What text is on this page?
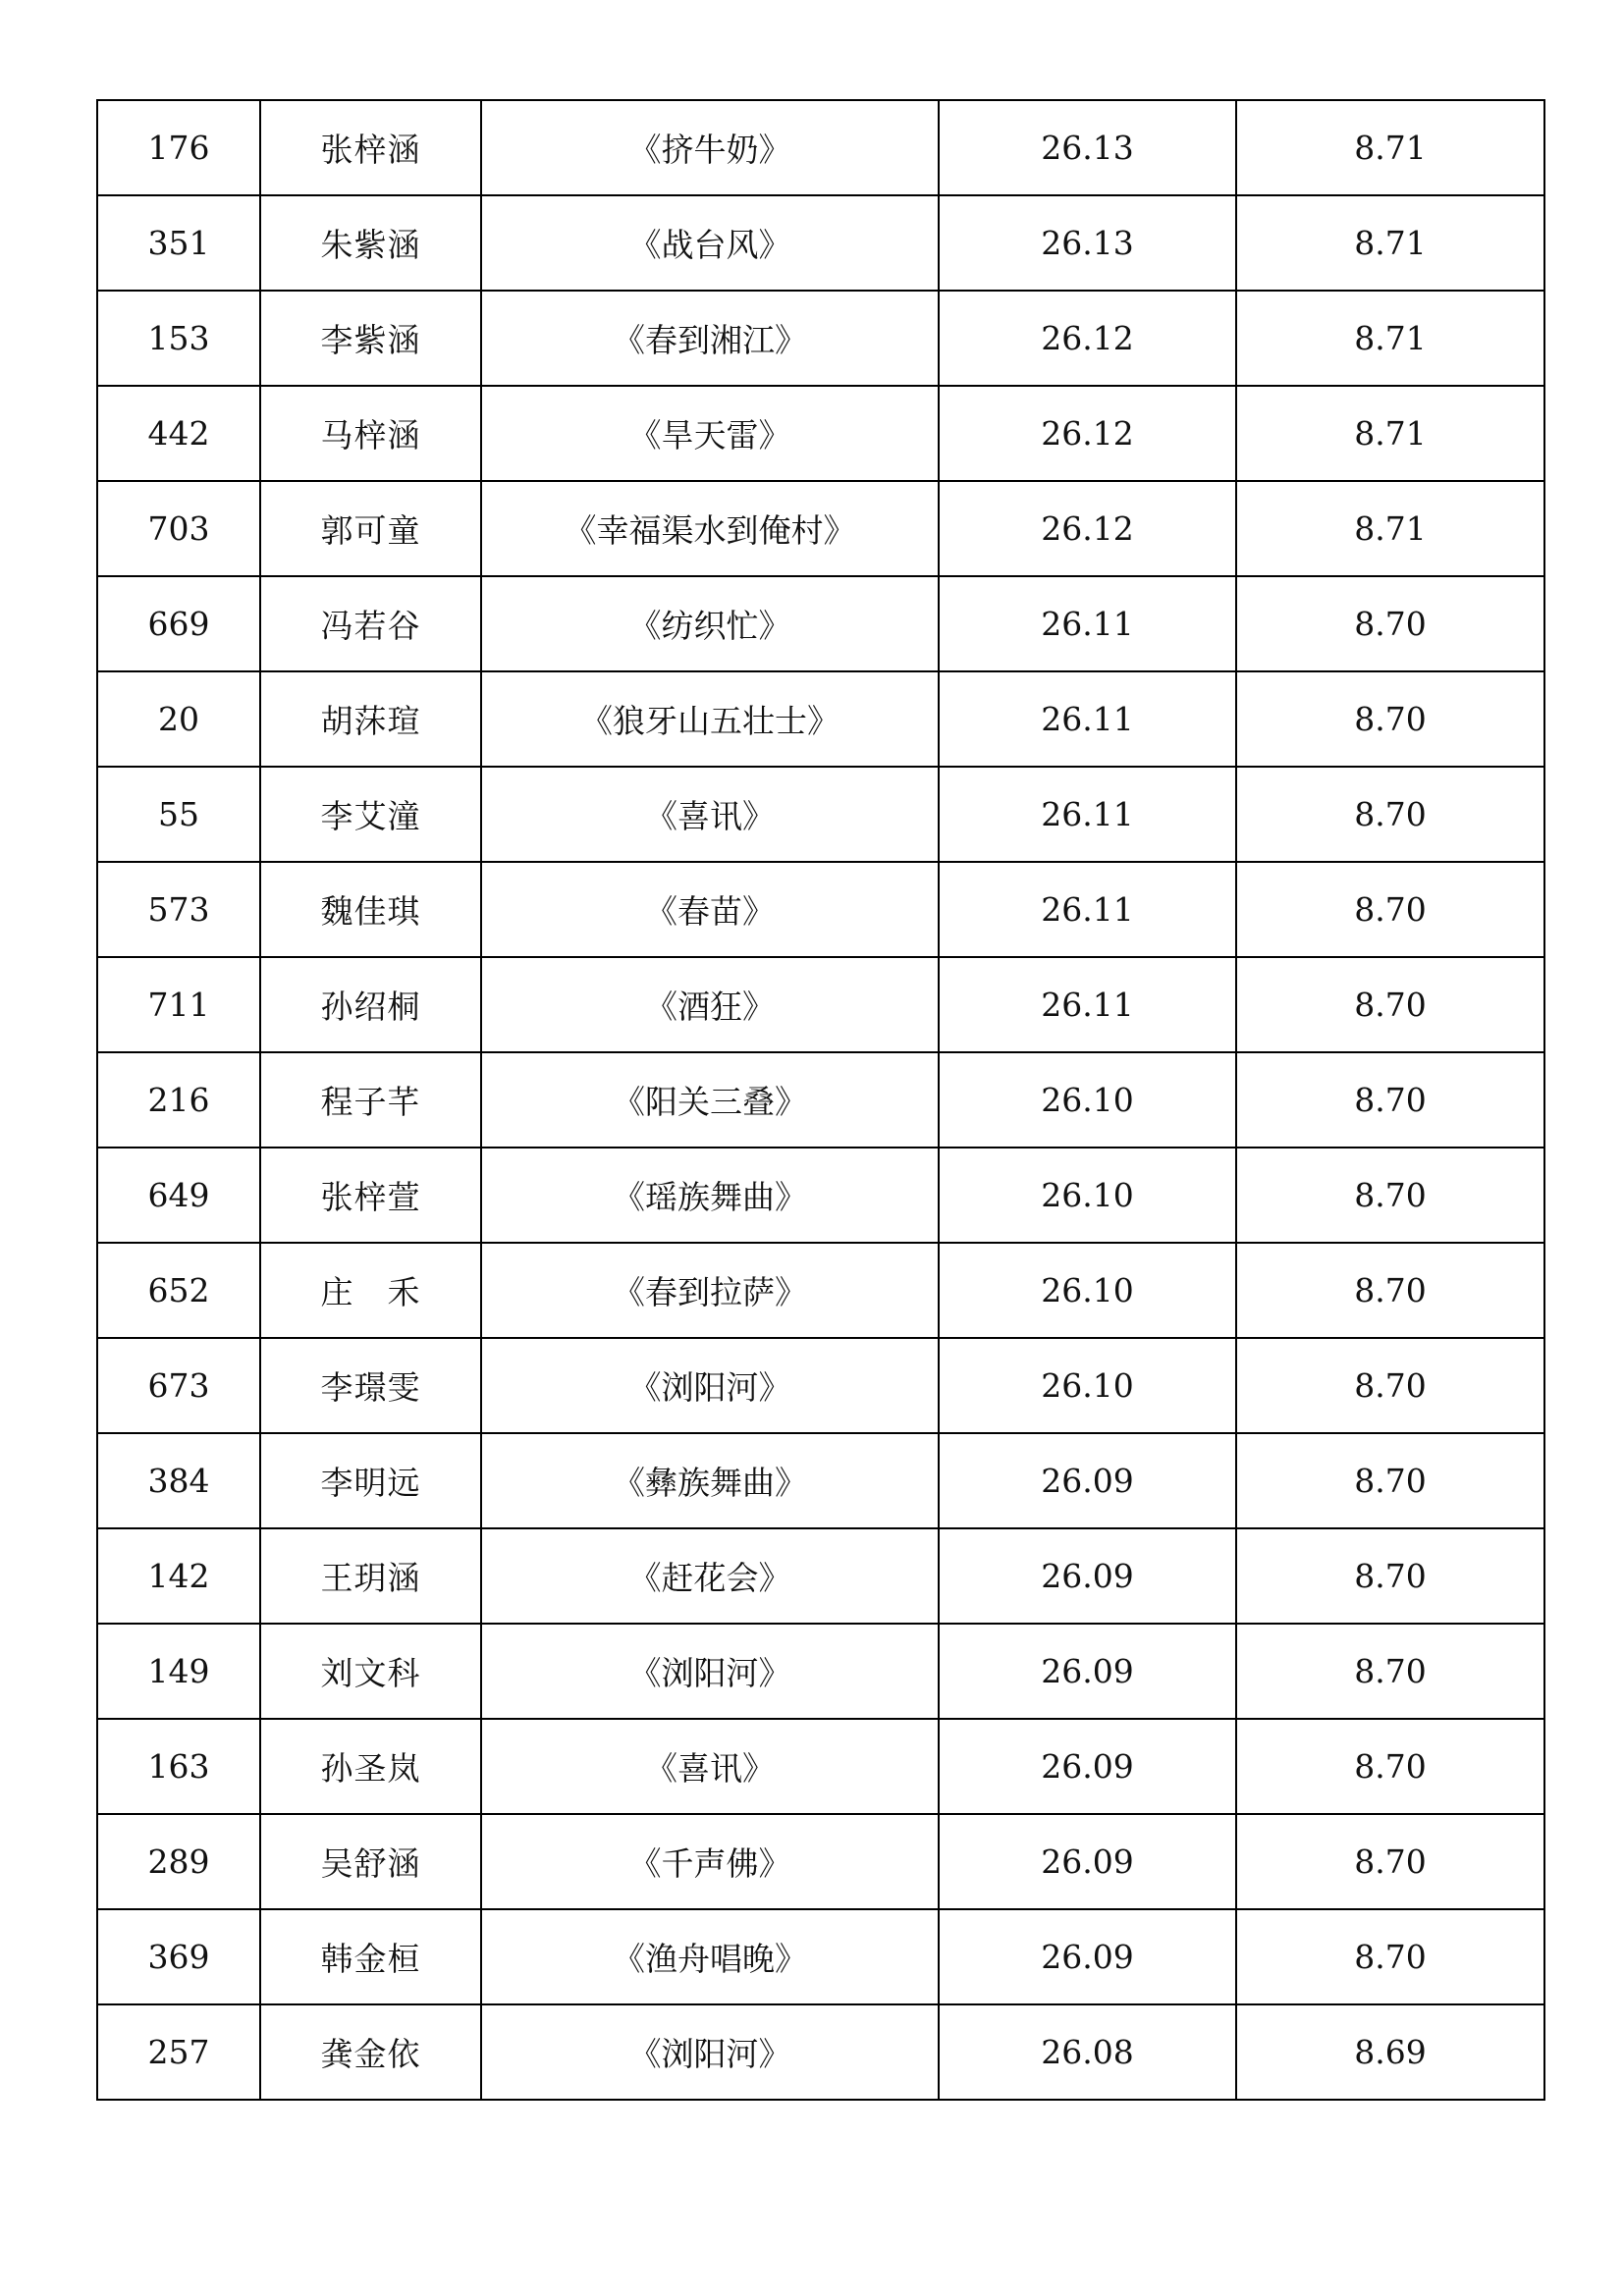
176	张梓涵	《挤牛奶》	26.13	8.71
351	朱紫涵	《战台风》	26.13	8.71
153	李紫涵	《春到湘江》	26.12	8.71
442	马梓涵	《旱天雷》	26.12	8.71
703	郭可童	《幸福渠水到俺村》	26.12	8.71
669	冯若谷	《纺织忙》	26.11	8.70
20	胡莯瑄	《狼牙山五壮士》	26.11	8.70
55	李艾潼	《喜讯》	26.11	8.70
573	魏佳琪	《春苗》	26.11	8.70
711	孙绍桐	《酒狂》	26.11	8.70
216	程子芊	《阳关三叠》	26.10	8.70
649	张梓萱	《瑶族舞曲》	26.10	8.70
652	庄　禾	《春到拉萨》	26.10	8.70
673	李璟雯	《浏阳河》	26.10	8.70
384	李明远	《彝族舞曲》	26.09	8.70
142	王玥涵	《赶花会》	26.09	8.70
149	刘文科	《浏阳河》	26.09	8.70
163	孙圣岚	《喜讯》	26.09	8.70
289	吴舒涵	《千声佛》	26.09	8.70
369	韩金桓	《渔舟唱晚》	26.09	8.70
257	龚金依	《浏阳河》	26.08	8.69
